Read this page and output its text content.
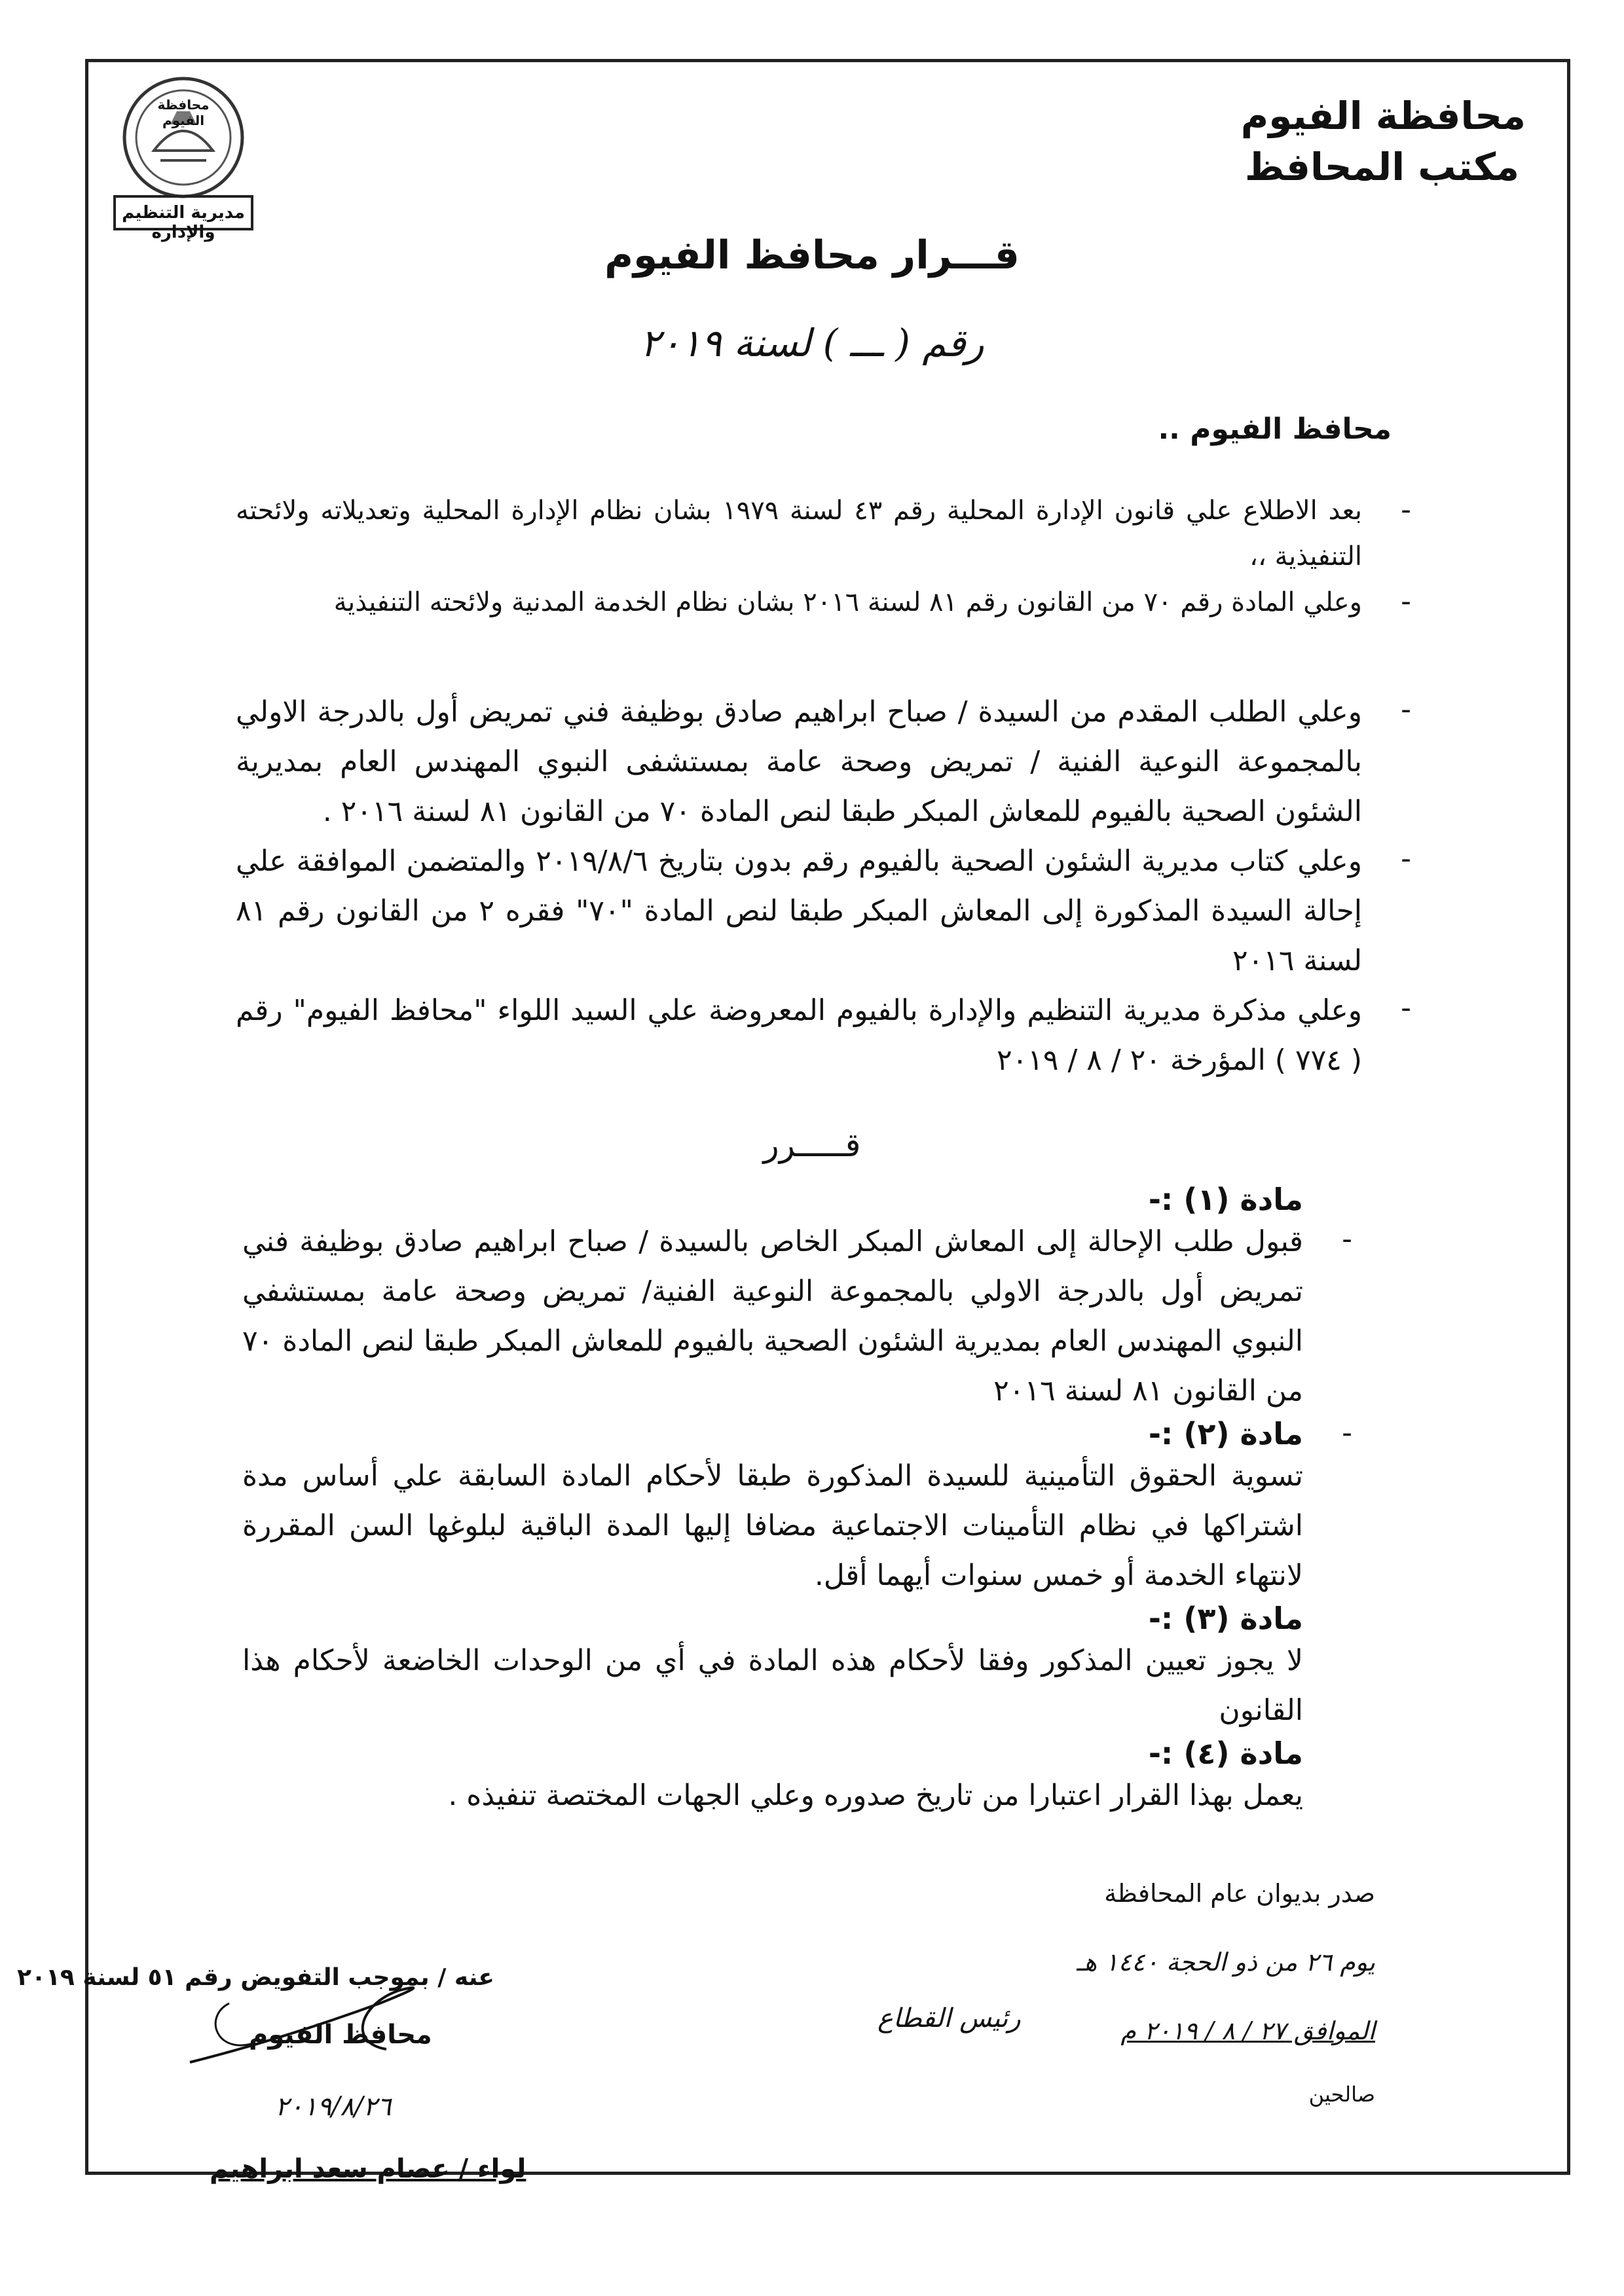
محافظة الفيوم
مديرية التنظيم والإدارة
محافظة الفيوم
مكتب المحافظ
قـــرار محافظ الفيوم
رقم ( ـــ ) لسنة ٢٠١٩
محافظ الفيوم ..
-
بعد الاطلاع علي قانون الإدارة المحلية رقم ٤٣ لسنة ١٩٧٩ بشان نظام الإدارة المحلية وتعديلاته ولائحته التنفيذية ،،
-
وعلي المادة رقم ٧٠ من القانون رقم ٨١ لسنة ٢٠١٦ بشان نظام الخدمة المدنية ولائحته التنفيذية
-
وعلي الطلب المقدم من السيدة / صباح ابراهيم صادق بوظيفة فني تمريض أول بالدرجة الاولي بالمجموعة النوعية الفنية / تمريض وصحة عامة بمستشفى النبوي المهندس العام بمديرية الشئون الصحية بالفيوم للمعاش المبكر طبقا لنص المادة ٧٠ من القانون ٨١ لسنة ٢٠١٦ .
-
وعلي كتاب مديرية الشئون الصحية بالفيوم رقم بدون بتاريخ ٢٠١٩/٨/٦ والمتضمن الموافقة علي إحالة السيدة المذكورة إلى المعاش المبكر طبقا لنص المادة "٧٠" فقره ٢ من القانون رقم ٨١ لسنة ٢٠١٦
-
وعلي مذكرة مديرية التنظيم والإدارة بالفيوم المعروضة علي السيد اللواء "محافظ الفيوم" رقم ( ٧٧٤ ) المؤرخة ٢٠ / ٨ / ٢٠١٩
قـــــرر
مادة (١) :-
-
قبول طلب الإحالة إلى المعاش المبكر الخاص بالسيدة / صباح ابراهيم صادق بوظيفة فني تمريض أول بالدرجة الاولي بالمجموعة النوعية الفنية/ تمريض وصحة عامة بمستشفي النبوي المهندس العام بمديرية الشئون الصحية بالفيوم للمعاش المبكر طبقا لنص المادة ٧٠ من القانون ٨١ لسنة ٢٠١٦
-
مادة (٢) :-
تسوية الحقوق التأمينية للسيدة المذكورة طبقا لأحكام المادة السابقة علي أساس مدة اشتراكها في نظام التأمينات الاجتماعية مضافا إليها المدة الباقية لبلوغها السن المقررة لانتهاء الخدمة أو خمس سنوات أيهما أقل.
مادة (٣) :-
لا يجوز تعيين المذكور وفقا لأحكام هذه المادة في أي من الوحدات الخاضعة لأحكام هذا القانون
مادة (٤) :-
يعمل بهذا القرار اعتبارا من تاريخ صدوره وعلي الجهات المختصة تنفيذه .
صدر بديوان عام المحافظة
يوم ٢٦ من ذو الحجة ١٤٤٠ هـ
الموافق ٢٧ / ٨ / ٢٠١٩ م
صالحين
رئيس القطاع
عنه / بموجب التفويض رقم ٥١ لسنة ٢٠١٩
محافظ الفيوم
٢٠١٩/٨/٢٦
لواء / عصام سعد ابراهيم
